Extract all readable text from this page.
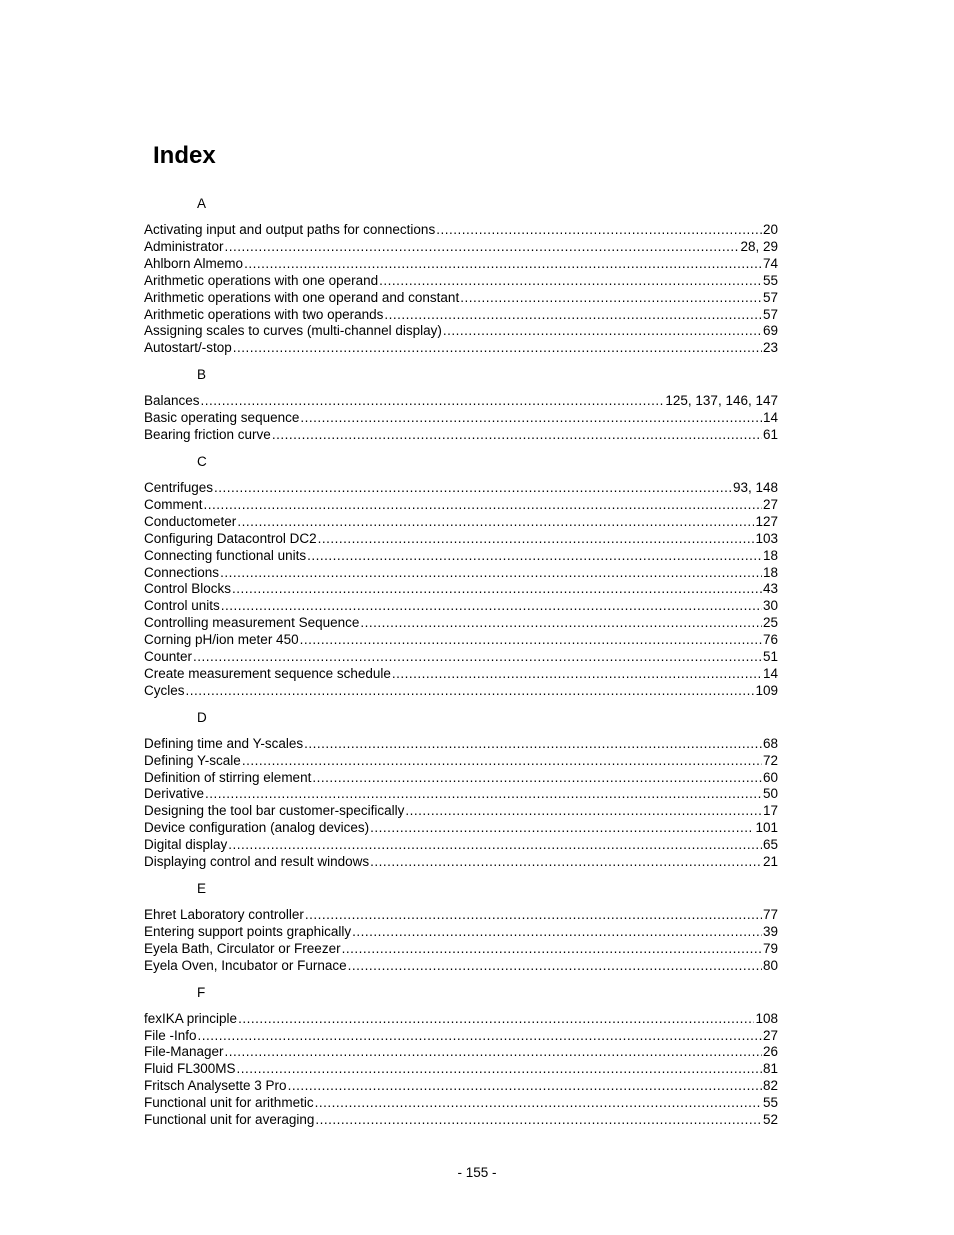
Index
A
Activating input and output paths for connections .....	20
Administrator .....	28, 29
Ahlborn Almemo .....	74
Arithmetic operations with one operand .....	55
Arithmetic operations with one operand and constant .....	57
Arithmetic operations with two operands .....	57
Assigning scales to curves (multi-channel display) .....	69
Autostart/-stop .....	23
B
Balances .....	125, 137, 146, 147
Basic operating sequence .....	14
Bearing friction curve .....	61
C
Centrifuges .....	93, 148
Comment .....	27
Conductometer .....	127
Configuring Datacontrol DC2 .....	103
Connecting functional units .....	18
Connections .....	18
Control Blocks .....	43
Control units .....	30
Controlling measurement Sequence .....	25
Corning pH/ion meter 450 .....	76
Counter .....	51
Create measurement sequence schedule .....	14
Cycles .....	109
D
Defining time and Y-scales .....	68
Defining Y-scale .....	72
Definition of stirring element .....	60
Derivative .....	50
Designing the tool bar customer-specifically .....	17
Device configuration (analog devices) .....	101
Digital display .....	65
Displaying control and result windows .....	21
E
Ehret Laboratory controller .....	77
Entering support points graphically .....	39
Eyela Bath, Circulator or Freezer .....	79
Eyela Oven, Incubator or Furnace .....	80
F
fexIKA principle .....	108
File -Info .....	27
File-Manager .....	26
Fluid FL300MS .....	81
Fritsch Analysette 3 Pro .....	82
Functional unit for arithmetic .....	55
Functional unit for averaging .....	52
- 155 -
